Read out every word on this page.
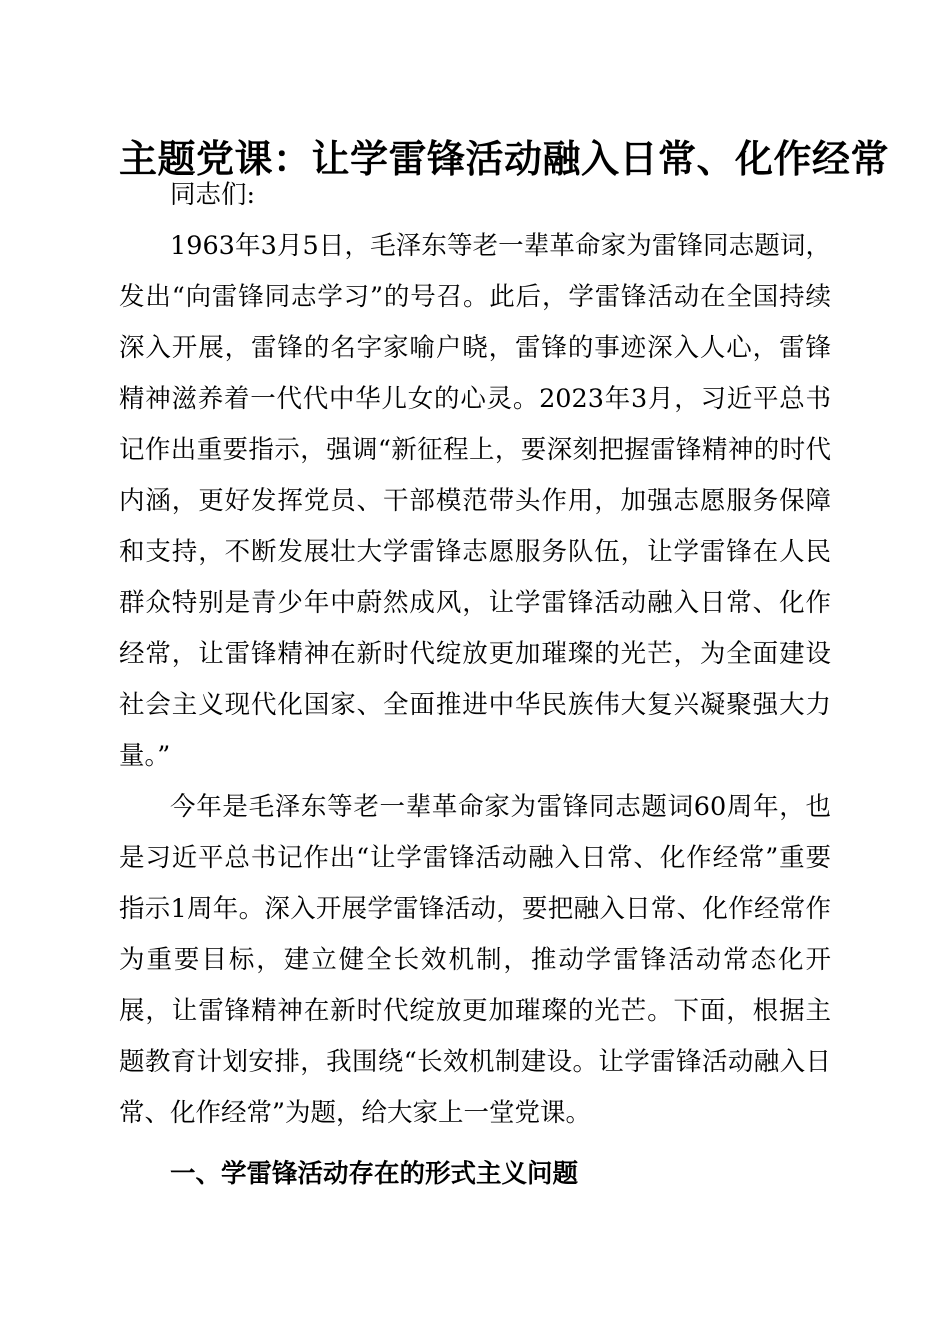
主题党课：让学雷锋活动融入日常、化作经常

同志们:

1963年3月5日，毛泽东等老一辈革命家为雷锋同志题词，发出“向雷锋同志学习”的号召。此后，学雷锋活动在全国持续深入开展，雷锋的名字家喻户晓，雷锋的事迹深入人心，雷锋精神滋养着一代代中华儿女的心灵。2023年3月，习近平总书记作出重要指示，强调“新征程上，要深刻把握雷锋精神的时代内涵，更好发挥党员、干部模范带头作用，加强志愿服务保障和支持，不断发展壮大学雷锋志愿服务队伍，让学雷锋在人民群众特别是青少年中蔚然成风，让学雷锋活动融入日常、化作经常，让雷锋精神在新时代绽放更加璀璨的光芒，为全面建设社会主义现代化国家、全面推进中华民族伟大复兴凝聚强大力量。”

今年是毛泽东等老一辈革命家为雷锋同志题词60周年，也是习近平总书记作出“让学雷锋活动融入日常、化作经常”重要指示1周年。深入开展学雷锋活动，要把融入日常、化作经常作为重要目标，建立健全长效机制，推动学雷锋活动常态化开展，让雷锋精神在新时代绽放更加璀璨的光芒。下面，根据主题教育计划安排，我围绕“长效机制建设。让学雷锋活动融入日常、化作经常”为题，给大家上一堂党课。

一、学雷锋活动存在的形式主义问题
